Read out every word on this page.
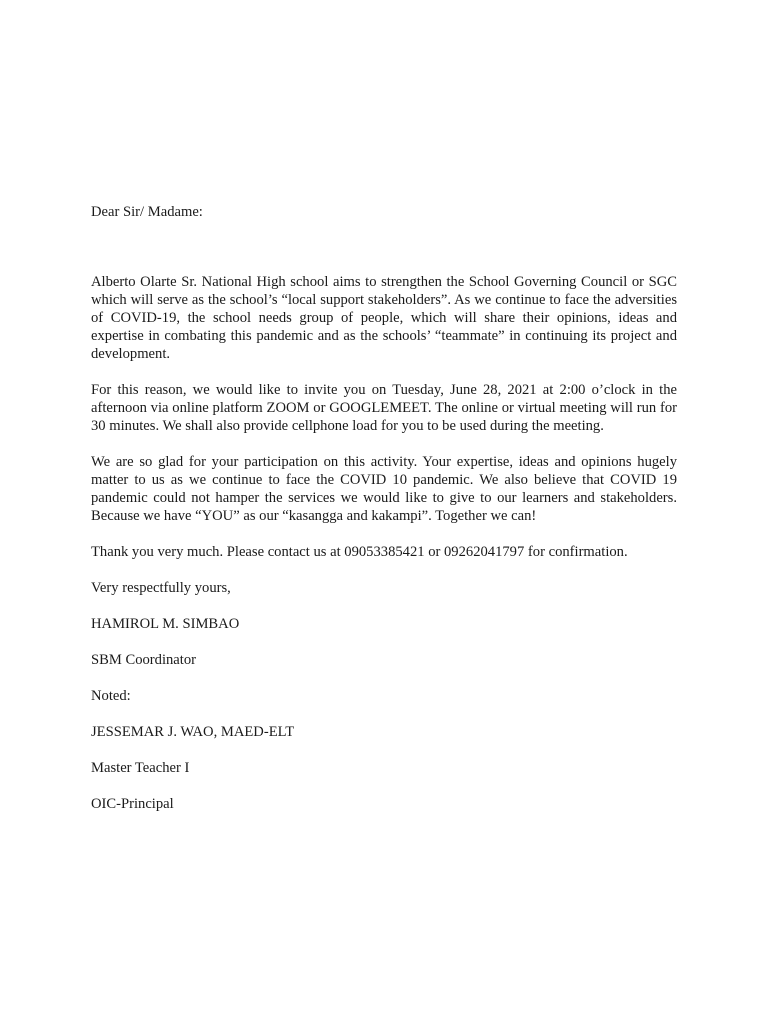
Dear Sir/ Madame:

Alberto Olarte Sr. National High school aims to strengthen the School Governing Council or SGC which will serve as the school’s “local support stakeholders”. As we continue to face the adversities of COVID-19, the school needs group of people, which will share their opinions, ideas and expertise in combating this pandemic and as the schools’ “teammate” in continuing its project and development.

For this reason, we would like to invite you on Tuesday, June 28, 2021 at 2:00 o’clock in the afternoon via online platform ZOOM or GOOGLEMEET. The online or virtual meeting will run for 30 minutes. We shall also provide cellphone load for you to be used during the meeting.

We are so glad for your participation on this activity. Your expertise, ideas and opinions hugely matter to us as we continue to face the COVID 10 pandemic. We also believe that COVID 19 pandemic could not hamper the services we would like to give to our learners and stakeholders. Because we have “YOU” as our “kasangga and kakampi”. Together we can!

Thank you very much. Please contact us at 09053385421 or 09262041797 for confirmation.

Very respectfully yours,

HAMIROL M. SIMBAO

SBM Coordinator

Noted:

JESSEMAR J. WAO, MAED-ELT

Master Teacher I

OIC-Principal
